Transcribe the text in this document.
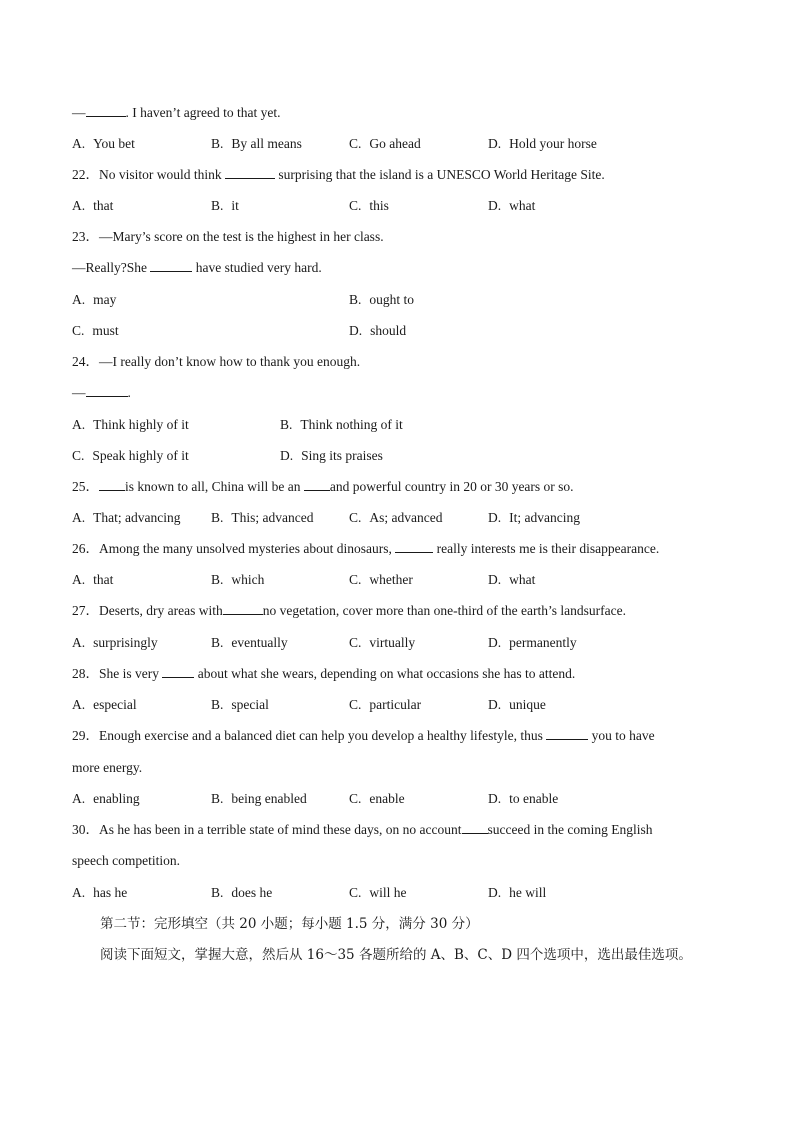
—	. I haven’t agreed to that yet.
A. You bet	B. By all means	C. Go ahead	D. Hold your horse
22．No visitor would think	surprising that the island is a UNESCO World Heritage Site.
A. that	B. it	C. this	D. what
23．—Mary’s score on the test is the highest in her class.
—Really?She	have studied very hard.
A. may	B. ought to
C. must	D. should
24．—I really don’t know how to thank you enough.
—	.
A. Think highly of it	B. Think nothing of it
C. Speak highly of it	D. Sing its praises
25． is known to all, China will be an and powerful country in 20 or 30 years or so.
A. That; advancing B. This; advanced	C. As; advanced	D. It; advancing
26．Among the many unsolved mysteries about dinosaurs,	really interests me is their disappearance.
A. that	B. which	C. whether	D. what
27．Deserts, dry areas with	no vegetation, cover more than one-third of the earth’s landsurface.
A. surprisingly	B. eventually	C. virtually	D. permanently
28．She is very  about what she wears, depending on what occasions she has to attend.
A. especial	B. special	C. particular	D. unique
29．Enough exercise and a balanced diet can help you develop a healthy lifestyle, thus	you to have
more energy.
A. enabling	B. being enabled	C. enable	D. to enable
30．As he has been in a terrible state of mind these days, on no account succeed in the coming English
speech competition.
A. has he	B. does he	C. will he	D. he will
第二节：完形填空（共 20 小题；每小题 1.5 分，满分 30 分）
阅读下面短文，掌握大意，然后从 16～35 各题所给的 A、B、C、D 四个选项中，选出最佳选项。
